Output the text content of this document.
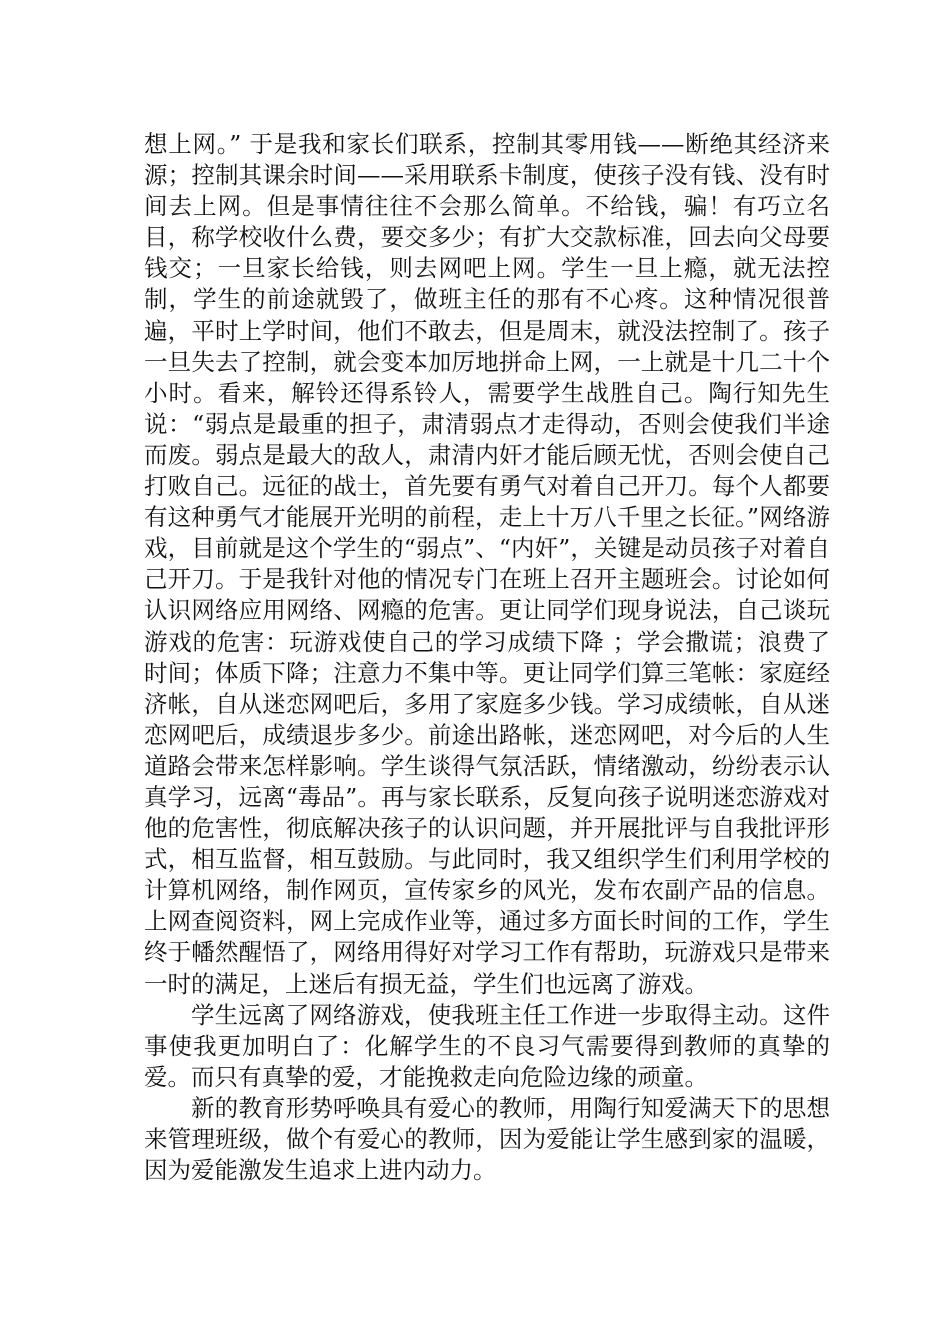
想上网。” 于是我和家长们联系，控制其零用钱——断绝其经济来源；控制其课余时间——采用联系卡制度，使孩子没有钱、没有时间去上网。但是事情往往不会那么简单。不给钱，骗！有巧立名目，称学校收什么费，要交多少；有扩大交款标准，回去向父母要钱交；一旦家长给钱，则去网吧上网。学生一旦上瘾，就无法控制，学生的前途就毁了，做班主任的那有不心疼。这种情况很普遍，平时上学时间，他们不敢去，但是周末，就没法控制了。孩子一旦失去了控制，就会变本加厉地拼命上网，一上就是十几二十个小时。看来，解铃还得系铃人，需要学生战胜自己。陶行知先生说：“弱点是最重的担子，肃清弱点才走得动，否则会使我们半途而废。弱点是最大的敌人，肃清内奸才能后顾无忧，否则会使自己打败自己。远征的战士，首先要有勇气对着自己开刀。每个人都要有这种勇气才能展开光明的前程，走上十万八千里之长征。”网络游戏，目前就是这个学生的“弱点”、“内奸”，关键是动员孩子对着自己开刀。于是我针对他的情况专门在班上召开主题班会。讨论如何认识网络应用网络、网瘾的危害。更让同学们现身说法，自己谈玩游戏的危害：玩游戏使自己的学习成绩下降 ；学会撒谎；浪费了时间；体质下降；注意力不集中等。更让同学们算三笔帐：家庭经济帐，自从迷恋网吧后，多用了家庭多少钱。学习成绩帐，自从迷恋网吧后，成绩退步多少。前途出路帐，迷恋网吧，对今后的人生道路会带来怎样影响。学生谈得气氛活跃，情绪激动，纷纷表示认真学习，远离“毒品”。再与家长联系，反复向孩子说明迷恋游戏对他的危害性，彻底解决孩子的认识问题，并开展批评与自我批评形式，相互监督，相互鼓励。与此同时，我又组织学生们利用学校的计算机网络，制作网页，宣传家乡的风光，发布农副产品的信息。上网查阅资料，网上完成作业等，通过多方面长时间的工作，学生终于幡然醒悟了，网络用得好对学习工作有帮助，玩游戏只是带来一时的满足，上迷后有损无益，学生们也远离了游戏。

学生远离了网络游戏，使我班主任工作进一步取得主动。这件事使我更加明白了：化解学生的不良习气需要得到教师的真挚的爱。而只有真挚的爱，才能挽救走向危险边缘的顽童。

新的教育形势呼唤具有爱心的教师，用陶行知爱满天下的思想来管理班级，做个有爱心的教师，因为爱能让学生感到家的温暖，因为爱能激发生追求上进内动力。
